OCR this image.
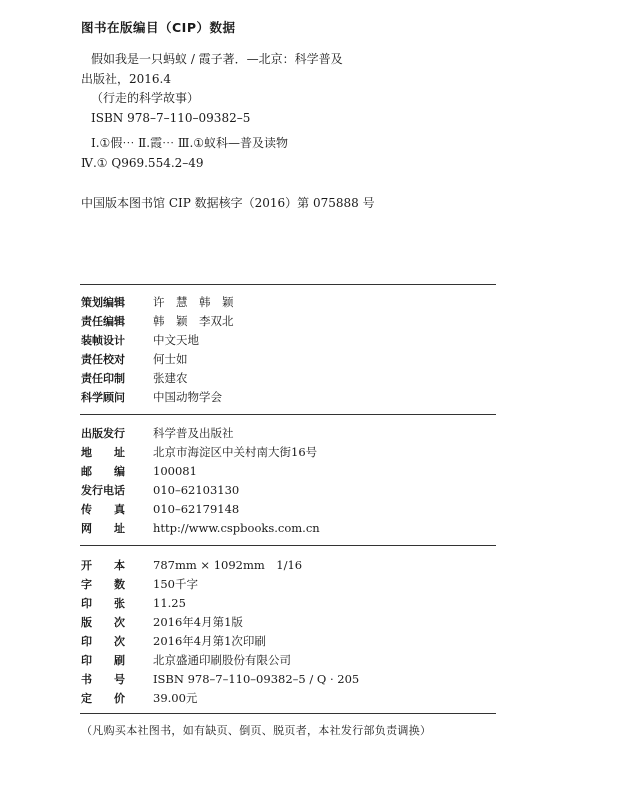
图书在版编目（CIP）数据
假如我是一只蚂蚁 / 霞子著．—北京：科学普及
出版社，2016.4
（行走的科学故事）
ISBN 978–7–110–09382–5
Ⅰ.①假⋯ Ⅱ.霞⋯ Ⅲ.①蚁科—普及读物
Ⅳ.① Q969.554.2–49
中国版本图书馆 CIP 数据核字（2016）第 075888 号
策划编辑	许　慧　韩　颖
责任编辑	韩　颖　李双北
装帧设计	中文天地
责任校对	何士如
责任印制	张建农
科学顾问	中国动物学会
出版发行	科学普及出版社
地　　址	北京市海淀区中关村南大街16号
邮　　编	100081
发行电话	010–62103130
传　　真	010–62179148
网　　址	http://www.cspbooks.com.cn
开　　本	787mm × 1092mm　1/16
字　　数	150千字
印　　张	11.25
版　　次	2016年4月第1版
印　　次	2016年4月第1次印刷
印　　刷	北京盛通印刷股份有限公司
书　　号	ISBN 978–7–110–09382–5 / Q · 205
定　　价	39.00元
（凡购买本社图书，如有缺页、倒页、脱页者，本社发行部负责调换）
